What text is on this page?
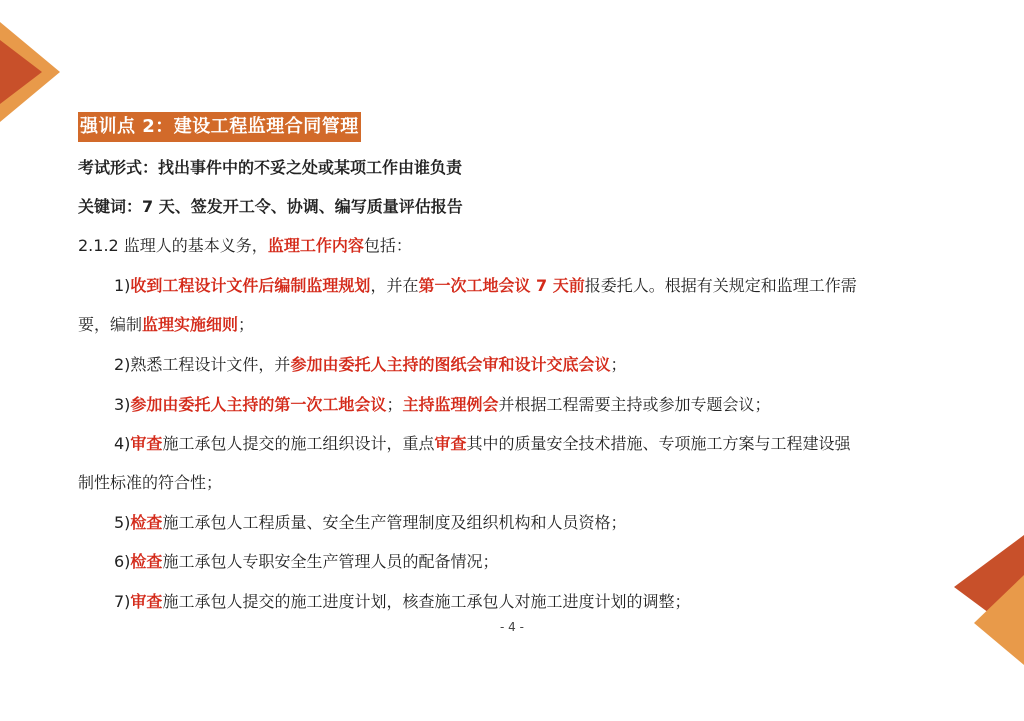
强训点 2：建设工程监理合同管理
考试形式：找出事件中的不妥之处或某项工作由谁负责
关键词：7 天、签发开工令、协调、编写质量评估报告
2.1.2 监理人的基本义务，监理工作内容包括：
1)收到工程设计文件后编制监理规划，并在第一次工地会议 7 天前报委托人。根据有关规定和监理工作需
要，编制监理实施细则；
2)熟悉工程设计文件，并参加由委托人主持的图纸会审和设计交底会议；
3)参加由委托人主持的第一次工地会议；主持监理例会并根据工程需要主持或参加专题会议；
4)审查施工承包人提交的施工组织设计，重点审查其中的质量安全技术措施、专项施工方案与工程建设强
制性标准的符合性；
5)检查施工承包人工程质量、安全生产管理制度及组织机构和人员资格；
6)检查施工承包人专职安全生产管理人员的配备情况；
7)审查施工承包人提交的施工进度计划，核查施工承包人对施工进度计划的调整；
- 4 -
